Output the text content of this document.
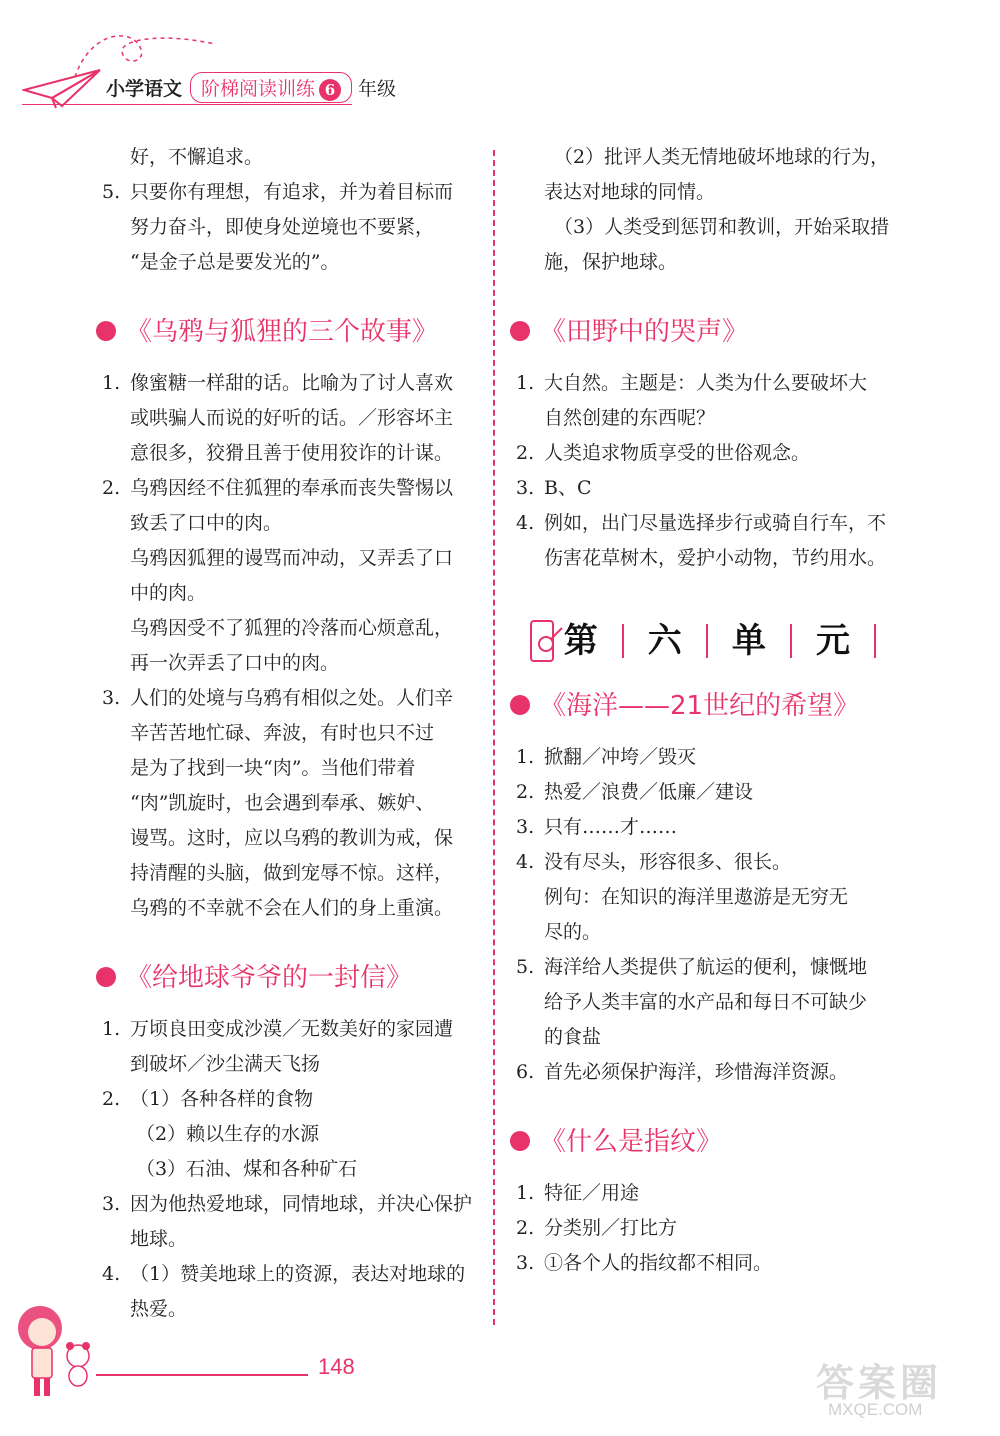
小学语文 阶梯阅读训练 6	年级
好，不懈追求。
5. 只要你有理想，有追求，并为着目标而
努力奋斗，即使身处逆境也不要紧，
“是金子总是要发光的”。
《乌鸦与狐狸的三个故事》
1. 像蜜糖一样甜的话。比喻为了讨人喜欢
或哄骗人而说的好听的话。／形容坏主
意很多，狡猾且善于使用狡诈的计谋。
2. 乌鸦因经不住狐狸的奉承而丧失警惕以
致丢了口中的肉。
乌鸦因狐狸的谩骂而冲动，又弄丢了口
中的肉。
乌鸦因受不了狐狸的冷落而心烦意乱，
再一次弄丢了口中的肉。
3. 人们的处境与乌鸦有相似之处。人们辛
辛苦苦地忙碌、奔波，有时也只不过
是为了找到一块“肉”。当他们带着
“肉”凯旋时，也会遇到奉承、嫉妒、
谩骂。这时，应以乌鸦的教训为戒，保
持清醒的头脑，做到宠辱不惊。这样，
乌鸦的不幸就不会在人们的身上重演。
《给地球爷爷的一封信》
1. 万顷良田变成沙漠／无数美好的家园遭
到破坏／沙尘满天飞扬
2. （1）各种各样的食物
（2）赖以生存的水源
（3）石油、煤和各种矿石
3. 因为他热爱地球，同情地球，并决心保护
地球。
4. （1）赞美地球上的资源，表达对地球的
热爱。
（2）批评人类无情地破坏地球的行为，
表达对地球的同情。
（3）人类受到惩罚和教训，开始采取措
施，保护地球。
《田野中的哭声》
1. 大自然。主题是：人类为什么要破坏大
自然创建的东西呢？
2. 人类追求物质享受的世俗观念。
3. B、C
4. 例如，出门尽量选择步行或骑自行车，不
伤害花草树木，爱护小动物，节约用水。
第 六 单 元
《海洋——21世纪的希望》
1. 掀翻／冲垮／毁灭
2. 热爱／浪费／低廉／建设
3. 只有……才……
4. 没有尽头，形容很多、很长。
例句：在知识的海洋里遨游是无穷无
尽的。
5. 海洋给人类提供了航运的便利，慷慨地
给予人类丰富的水产品和每日不可缺少
的食盐
6. 首先必须保护海洋，珍惜海洋资源。
《什么是指纹》
1. 特征／用途
2. 分类别／打比方
3. ①各个人的指纹都不相同。
148	答案圈
MXQE.COM
